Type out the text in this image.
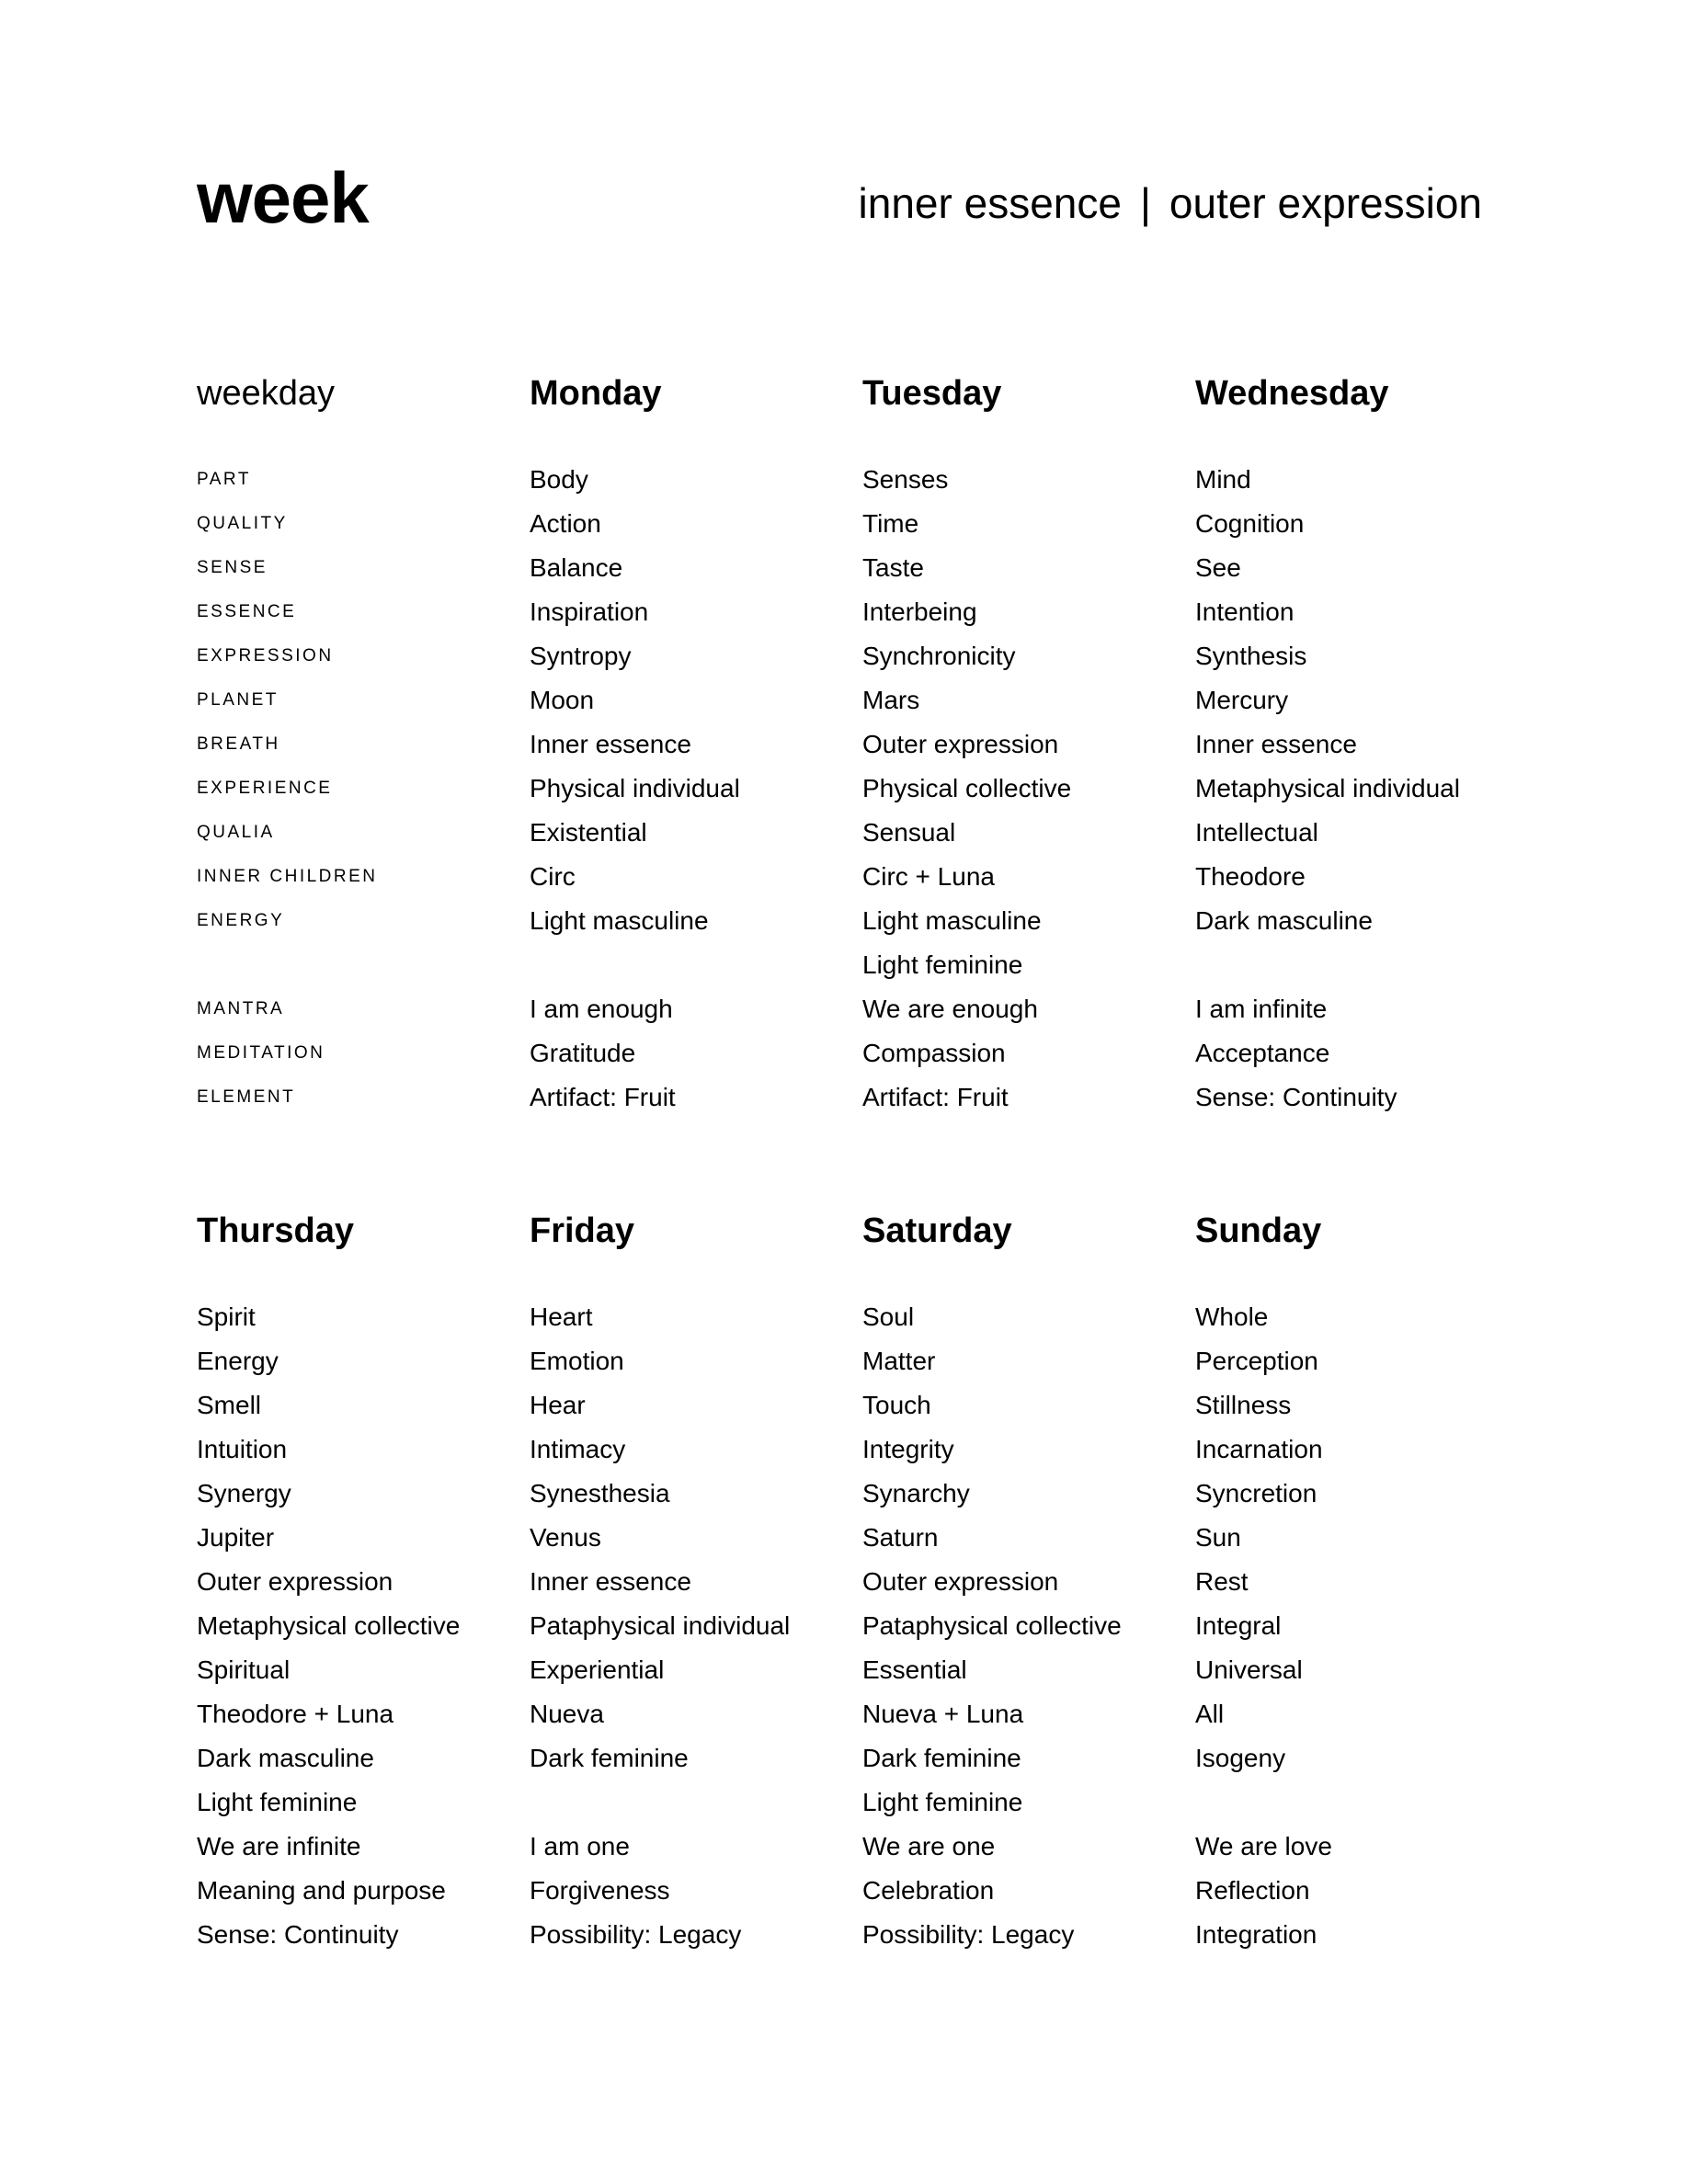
week	inner essence | outer expression
weekday
PART
QUALITY
SENSE
ESSENCE
EXPRESSION
PLANET
BREATH
EXPERIENCE
QUALIA
INNER CHILDREN
ENERGY
MANTRA
MEDITATION
ELEMENT
Monday
Body
Action
Balance
Inspiration
Syntropy
Moon
Inner essence
Physical individual
Existential
Circ
Light masculine
I am enough
Gratitude
Artifact: Fruit
Tuesday
Senses
Time
Taste
Interbeing
Synchronicity
Mars
Outer expression
Physical collective
Sensual
Circ + Luna
Light masculine
Light feminine
We are enough
Compassion
Artifact: Fruit
Wednesday
Mind
Cognition
See
Intention
Synthesis
Mercury
Inner essence
Metaphysical individual
Intellectual
Theodore
Dark masculine
I am infinite
Acceptance
Sense: Continuity
Thursday
Spirit
Energy
Smell
Intuition
Synergy
Jupiter
Outer expression
Metaphysical collective
Spiritual
Theodore + Luna
Dark masculine
Light feminine
We are infinite
Meaning and purpose
Sense: Continuity
Friday
Heart
Emotion
Hear
Intimacy
Synesthesia
Venus
Inner essence
Pataphysical individual
Experiential
Nueva
Dark feminine
I am one
Forgiveness
Possibility: Legacy
Saturday
Soul
Matter
Touch
Integrity
Synarchy
Saturn
Outer expression
Pataphysical collective
Essential
Nueva + Luna
Dark feminine
Light feminine
We are one
Celebration
Possibility: Legacy
Sunday
Whole
Perception
Stillness
Incarnation
Syncretion
Sun
Rest
Integral
Universal
All
Isogeny
We are love
Reflection
Integration
